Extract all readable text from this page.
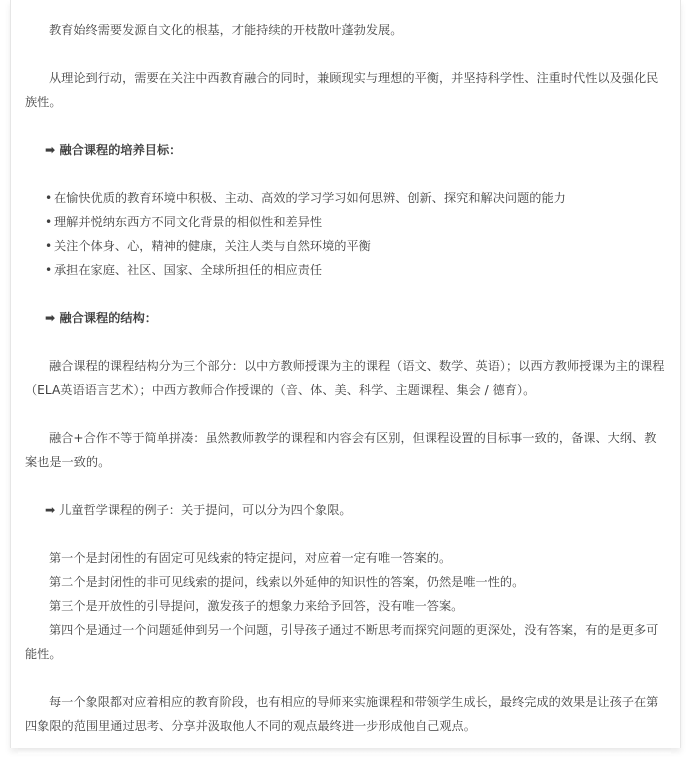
教育始终需要发源自文化的根基，才能持续的开枝散叶蓬勃发展。

从理论到行动，需要在关注中西教育融合的同时，兼顾现实与理想的平衡，并坚持科学性、注重时代性以及强化民族性。

➡ 融合课程的培养目标：

• 在愉快优质的教育环境中积极、主动、高效的学习学习如何思辨、创新、探究和解决问题的能力

• 理解并悦纳东西方不同文化背景的相似性和差异性

• 关注个体身、心，精神的健康，关注人类与自然环境的平衡

• 承担在家庭、社区、国家、全球所担任的相应责任

➡ 融合课程的结构：

融合课程的课程结构分为三个部分：以中方教师授课为主的课程（语文、数学、英语）；以西方教师授课为主的课程（ELA英语语言艺术）；中西方教师合作授课的（音、体、美、科学、主题课程、集会 / 德育）。

融合+合作不等于简单拼凑：虽然教师教学的课程和内容会有区别，但课程设置的目标事一致的，备课、大纲、教案也是一致的。

➡ 儿童哲学课程的例子：关于提问，可以分为四个象限。

第一个是封闭性的有固定可见线索的特定提问，对应着一定有唯一答案的。

第二个是封闭性的非可见线索的提问，线索以外延伸的知识性的答案，仍然是唯一性的。

第三个是开放性的引导提问，激发孩子的想象力来给予回答，没有唯一答案。

第四个是通过一个问题延伸到另一个问题，引导孩子通过不断思考而探究问题的更深处，没有答案，有的是更多可能性。

每一个象限都对应着相应的教育阶段，也有相应的导师来实施课程和带领学生成长，最终完成的效果是让孩子在第四象限的范围里通过思考、分享并汲取他人不同的观点最终进一步形成他自己观点。
